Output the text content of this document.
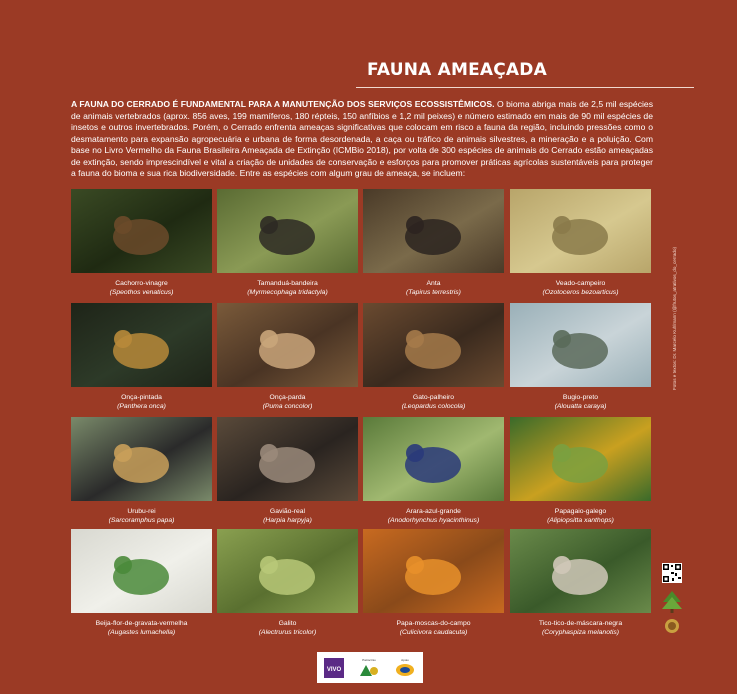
FAUNA AMEAÇADA
A FAUNA DO CERRADO É FUNDAMENTAL PARA A MANUTENÇÃO DOS SERVIÇOS ECOSSISTÊMICOS. O bioma abriga mais de 2,5 mil espécies de animais vertebrados (aprox. 856 aves, 199 mamíferos, 180 répteis, 150 anfíbios e 1,2 mil peixes) e número estimado em mais de 90 mil espécies de insetos e outros invertebrados. Porém, o Cerrado enfrenta ameaças significativas que colocam em risco a fauna da região, incluindo pressões como o desmatamento para expansão agropecuária e urbana de forma desordenada, a caça ou tráfico de animais silvestres, a mineração e a poluição. Com base no Livro Vermelho da Fauna Brasileira Ameaçada de Extinção (ICMBio 2018), por volta de 300 espécies de animais do Cerrado estão ameaçadas de extinção, sendo imprescindível e vital a criação de unidades de conservação e esforços para promover práticas agrícolas sustentáveis para proteger a fauna do bioma e sua rica biodiversidade. Entre as espécies com algum grau de ameaça, se incluem:
Cachorro-vinagre
(Speothos venaticus)
Tamanduá-bandeira
(Myrmecophaga tridactyla)
Anta
(Tapirus terrestris)
Veado-campeiro
(Ozotoceros bezoarticus)
Onça-pintada
(Panthera onca)
Onça-parda
(Puma concolor)
Gato-palheiro
(Leopardus colocola)
Bugio-preto
(Alouatta caraya)
Urubu-rei
(Sarcoramphus papa)
Gavião-real
(Harpia harpyja)
Arara-azul-grande
(Anodorhynchus hyacinthinus)
Papagaio-galego
(Alipiopsitta xanthops)
Beija-flor-de-gravata-vermelha
(Augastes lumachella)
Galito
(Alectrurus tricolor)
Papa-moscas-do-campo
(Culicivora caudacuta)
Tico-tico-de-máscara-negra
(Coryphaspiza melanotis)
Fotos e textos: Dr. Marcelo Kuhlmann (@frutos_atrativos_do_cerrado)
VIVO
Patrocínio	Apoio
